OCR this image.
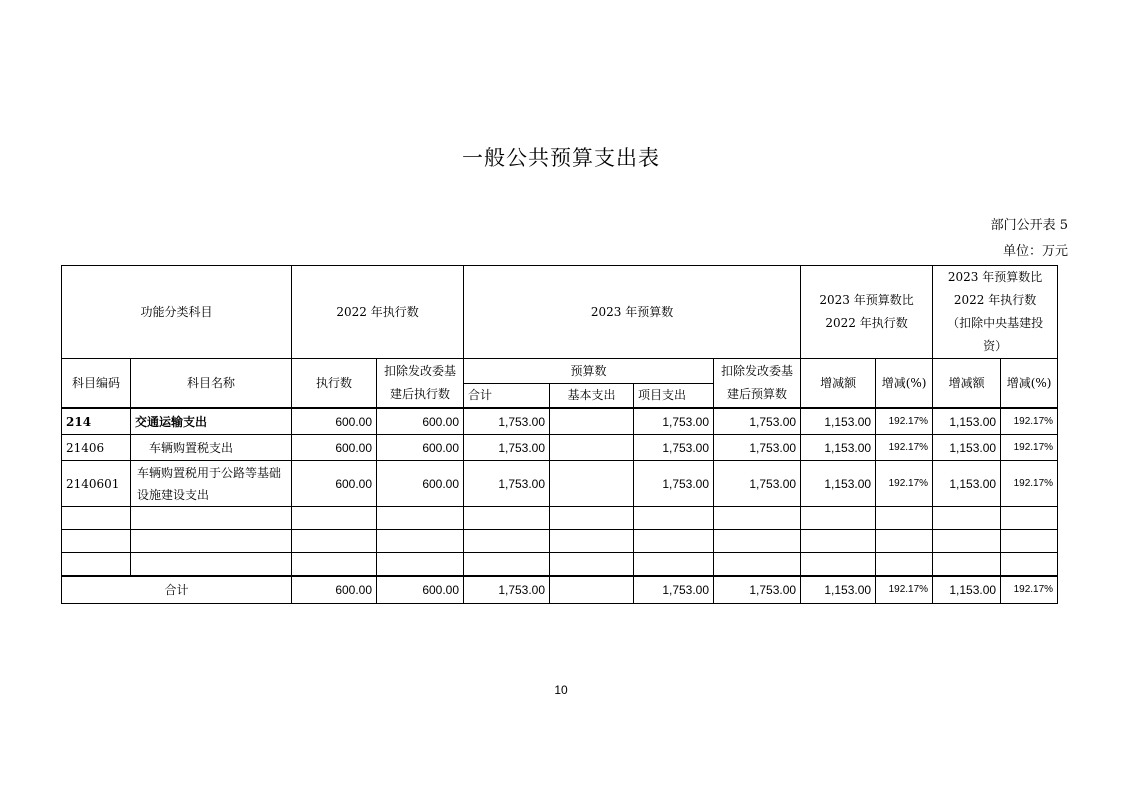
一般公共预算支出表
部门公开表 5
单位：万元
功能分类科目		2022 年执行数		2023 年预算数				2023 年预算数比 2022 年执行数		2023 年预算数比 2022 年执行数（扣除中央基建投资）	
科目编码	科目名称	执行数	扣除发改委基建后执行数	预算数			扣除发改委基建后预算数	增减额	增减(%)	增减额	增减(%)
				合计	基本支出	项目支出					
214	交通运输支出	600.00	600.00	1,753.00		1,753.00	1,753.00	1,153.00	192.17%	1,153.00	192.17%
21406	车辆购置税支出	600.00	600.00	1,753.00		1,753.00	1,753.00	1,153.00	192.17%	1,153.00	192.17%
2140601	车辆购置税用于公路等基础设施建设支出	600.00	600.00	1,753.00		1,753.00	1,753.00	1,153.00	192.17%	1,153.00	192.17%

合计		600.00	600.00	1,753.00		1,753.00	1,753.00	1,153.00	192.17%	1,153.00	192.17%
10
